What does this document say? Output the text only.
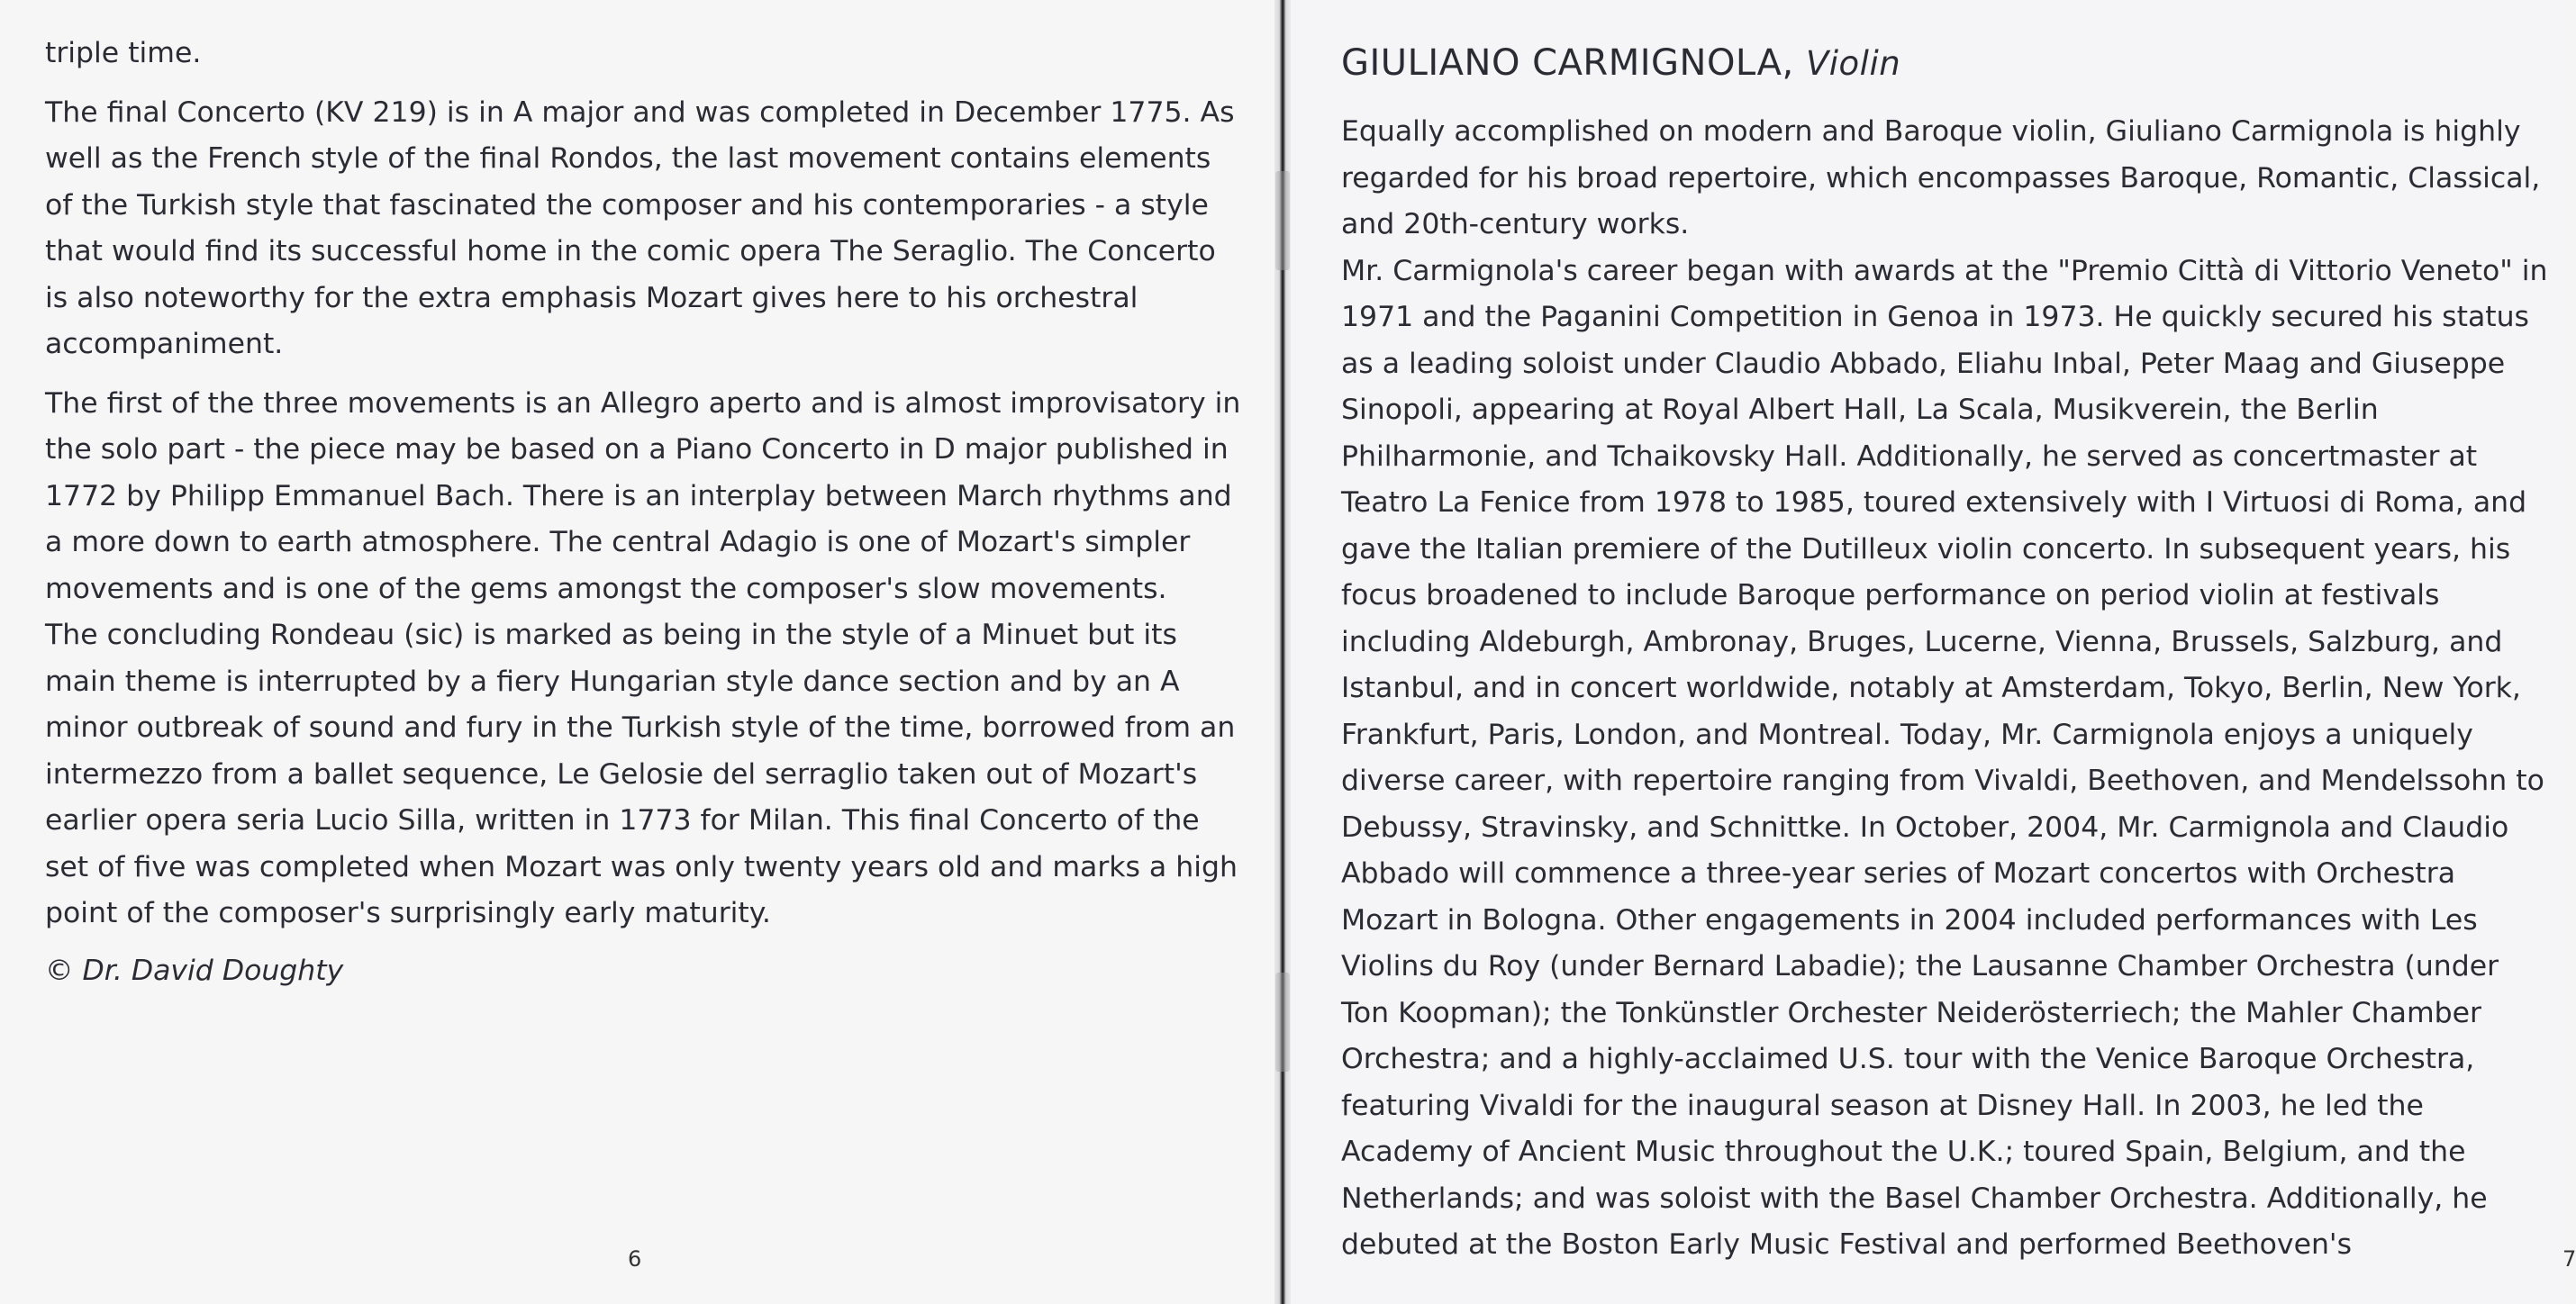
triple time.

The final Concerto (KV 219) is in A major and was completed in December 1775. As well as the French style of the final Rondos, the last movement contains elements of the Turkish style that fascinated the composer and his contemporaries - a style that would find its successful home in the comic opera The Seraglio. The Concerto is also noteworthy for the extra emphasis Mozart gives here to his orchestral accompaniment.

The first of the three movements is an Allegro aperto and is almost improvisatory in the solo part - the piece may be based on a Piano Concerto in D major published in 1772 by Philipp Emmanuel Bach. There is an interplay between March rhythms and a more down to earth atmosphere. The central Adagio is one of Mozart's simpler movements and is one of the gems amongst the composer's slow movements.

The concluding Rondeau (sic) is marked as being in the style of a Minuet but its main theme is interrupted by a fiery Hungarian style dance section and by an A minor outbreak of sound and fury in the Turkish style of the time, borrowed from an intermezzo from a ballet sequence, Le Gelosie del serraglio taken out of Mozart's earlier opera seria Lucio Silla, written in 1773 for Milan. This final Concerto of the set of five was completed when Mozart was only twenty years old and marks a high point of the composer's surprisingly early maturity.

© Dr. David Doughty

6
GIULIANO CARMIGNOLA, Violin

Equally accomplished on modern and Baroque violin, Giuliano Carmignola is highly regarded for his broad repertoire, which encompasses Baroque, Romantic, Classical, and 20th-century works.

Mr. Carmignola's career began with awards at the "Premio Città di Vittorio Veneto" in 1971 and the Paganini Competition in Genoa in 1973. He quickly secured his status as a leading soloist under Claudio Abbado, Eliahu Inbal, Peter Maag and Giuseppe Sinopoli, appearing at Royal Albert Hall, La Scala, Musikverein, the Berlin Philharmonie, and Tchaikovsky Hall. Additionally, he served as concertmaster at Teatro La Fenice from 1978 to 1985, toured extensively with I Virtuosi di Roma, and gave the Italian premiere of the Dutilleux violin concerto. In subsequent years, his focus broadened to include Baroque performance on period violin at festivals including Aldeburgh, Ambronay, Bruges, Lucerne, Vienna, Brussels, Salzburg, and Istanbul, and in concert worldwide, notably at Amsterdam, Tokyo, Berlin, New York, Frankfurt, Paris, London, and Montreal. Today, Mr. Carmignola enjoys a uniquely diverse career, with repertoire ranging from Vivaldi, Beethoven, and Mendelssohn to Debussy, Stravinsky, and Schnittke. In October, 2004, Mr. Carmignola and Claudio Abbado will commence a three-year series of Mozart concertos with Orchestra Mozart in Bologna. Other engagements in 2004 included performances with Les Violins du Roy (under Bernard Labadie); the Lausanne Chamber Orchestra (under Ton Koopman); the Tonkünstler Orchester Neiderösterriech; the Mahler Chamber Orchestra; and a highly-acclaimed U.S. tour with the Venice Baroque Orchestra, featuring Vivaldi for the inaugural season at Disney Hall. In 2003, he led the Academy of Ancient Music throughout the U.K.; toured Spain, Belgium, and the Netherlands; and was soloist with the Basel Chamber Orchestra. Additionally, he debuted at the Boston Early Music Festival and performed Beethoven's	7
